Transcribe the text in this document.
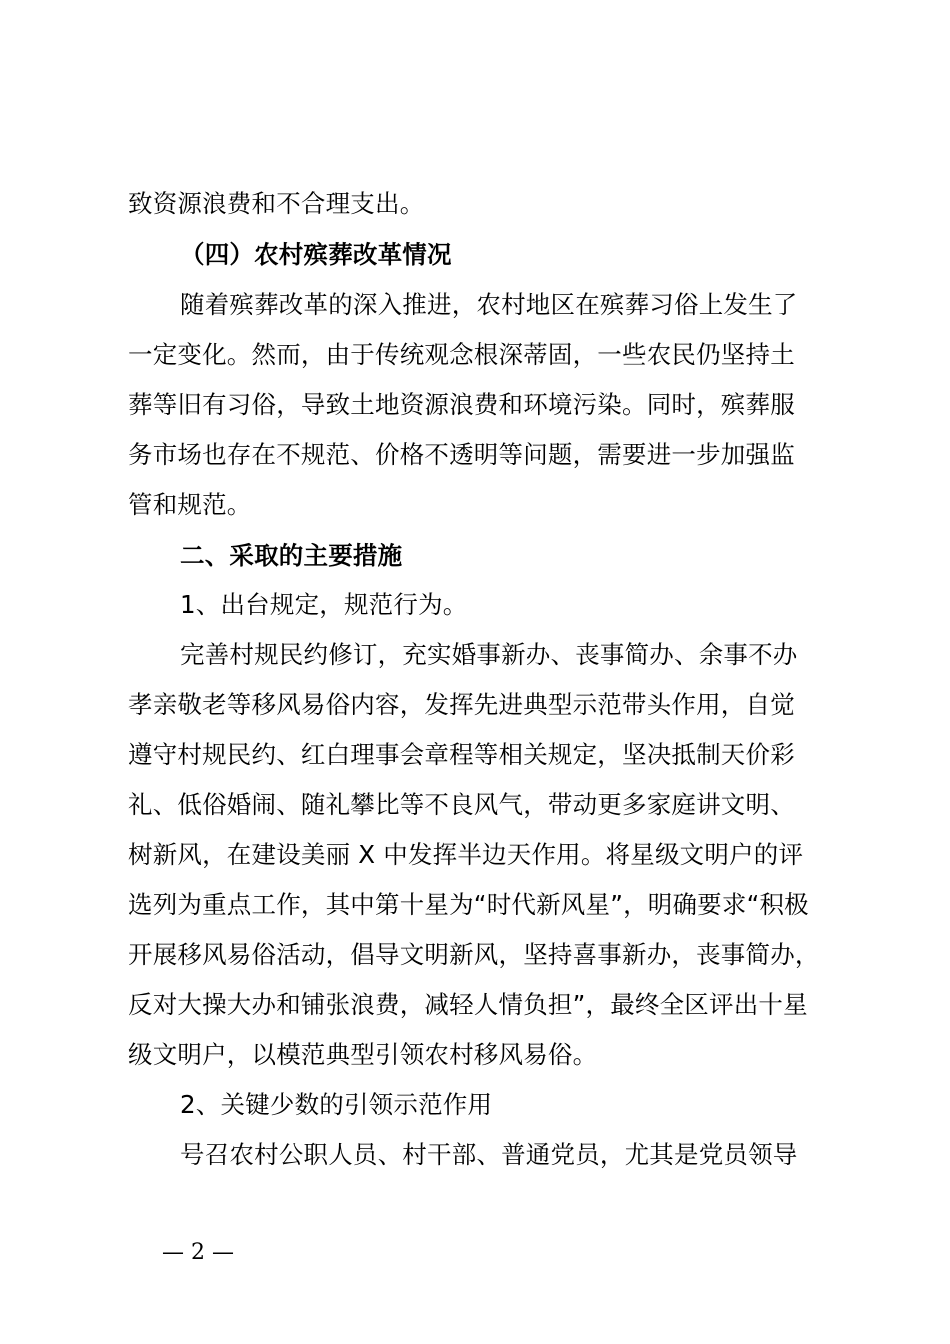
致资源浪费和不合理支出。
（四）农村殡葬改革情况
随着殡葬改革的深入推进，农村地区在殡葬习俗上发生了
一定变化。然而，由于传统观念根深蒂固，一些农民仍坚持土
葬等旧有习俗，导致土地资源浪费和环境污染。同时，殡葬服
务市场也存在不规范、价格不透明等问题，需要进一步加强监
管和规范。
二、采取的主要措施
1、出台规定，规范行为。
完善村规民约修订，充实婚事新办、丧事简办、余事不办
孝亲敬老等移风易俗内容，发挥先进典型示范带头作用，自觉
遵守村规民约、红白理事会章程等相关规定，坚决抵制天价彩
礼、低俗婚闹、随礼攀比等不良风气，带动更多家庭讲文明、
树新风，在建设美丽 X 中发挥半边天作用。将星级文明户的评
选列为重点工作，其中第十星为“时代新风星”，明确要求“积极
开展移风易俗活动，倡导文明新风，坚持喜事新办，丧事简办，
反对大操大办和铺张浪费，减轻人情负担”，最终全区评出十星
级文明户，以模范典型引领农村移风易俗。
2、关键少数的引领示范作用
号召农村公职人员、村干部、普通党员，尤其是党员领导
— 2 —
